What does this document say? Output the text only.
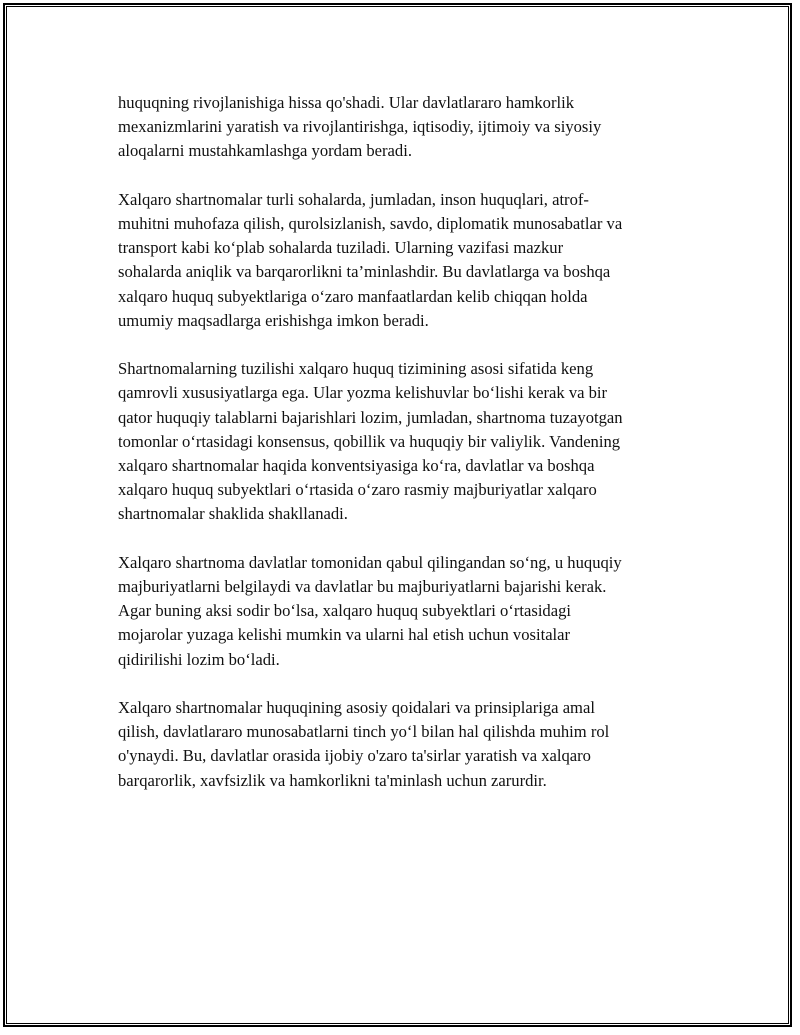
huquqning rivojlanishiga hissa qo'shadi. Ular davlatlararo hamkorlik
mexanizmlarini yaratish va rivojlantirishga, iqtisodiy, ijtimoiy va siyosiy
aloqalarni mustahkamlashga yordam beradi.

Xalqaro shartnomalar turli sohalarda, jumladan, inson huquqlari, atrof-
muhitni muhofaza qilish, qurolsizlanish, savdo, diplomatik munosabatlar va
transport kabi ko‘plab sohalarda tuziladi. Ularning vazifasi mazkur
sohalarda aniqlik va barqarorlikni ta’minlashdir. Bu davlatlarga va boshqa
xalqaro huquq subyektlariga o‘zaro manfaatlardan kelib chiqqan holda
umumiy maqsadlarga erishishga imkon beradi.

Shartnomalarning tuzilishi xalqaro huquq tizimining asosi sifatida keng
qamrovli xususiyatlarga ega. Ular yozma kelishuvlar bo‘lishi kerak va bir
qator huquqiy talablarni bajarishlari lozim, jumladan, shartnoma tuzayotgan
tomonlar o‘rtasidagi konsensus, qobillik va huquqiy bir valiylik. Vandening
xalqaro shartnomalar haqida konventsiyasiga ko‘ra, davlatlar va boshqa
xalqaro huquq subyektlari o‘rtasida o‘zaro rasmiy majburiyatlar xalqaro
shartnomalar shaklida shakllanadi.

Xalqaro shartnoma davlatlar tomonidan qabul qilingandan so‘ng, u huquqiy
majburiyatlarni belgilaydi va davlatlar bu majburiyatlarni bajarishi kerak.
Agar buning aksi sodir bo‘lsa, xalqaro huquq subyektlari o‘rtasidagi
mojarolar yuzaga kelishi mumkin va ularni hal etish uchun vositalar
qidirilishi lozim bo‘ladi.

Xalqaro shartnomalar huquqining asosiy qoidalari va prinsiplariga amal
qilish, davlatlararo munosabatlarni tinch yo‘l bilan hal qilishda muhim rol
o'ynaydi. Bu, davlatlar orasida ijobiy o'zaro ta'sirlar yaratish va xalqaro
barqarorlik, xavfsizlik va hamkorlikni ta'minlash uchun zarurdir.
